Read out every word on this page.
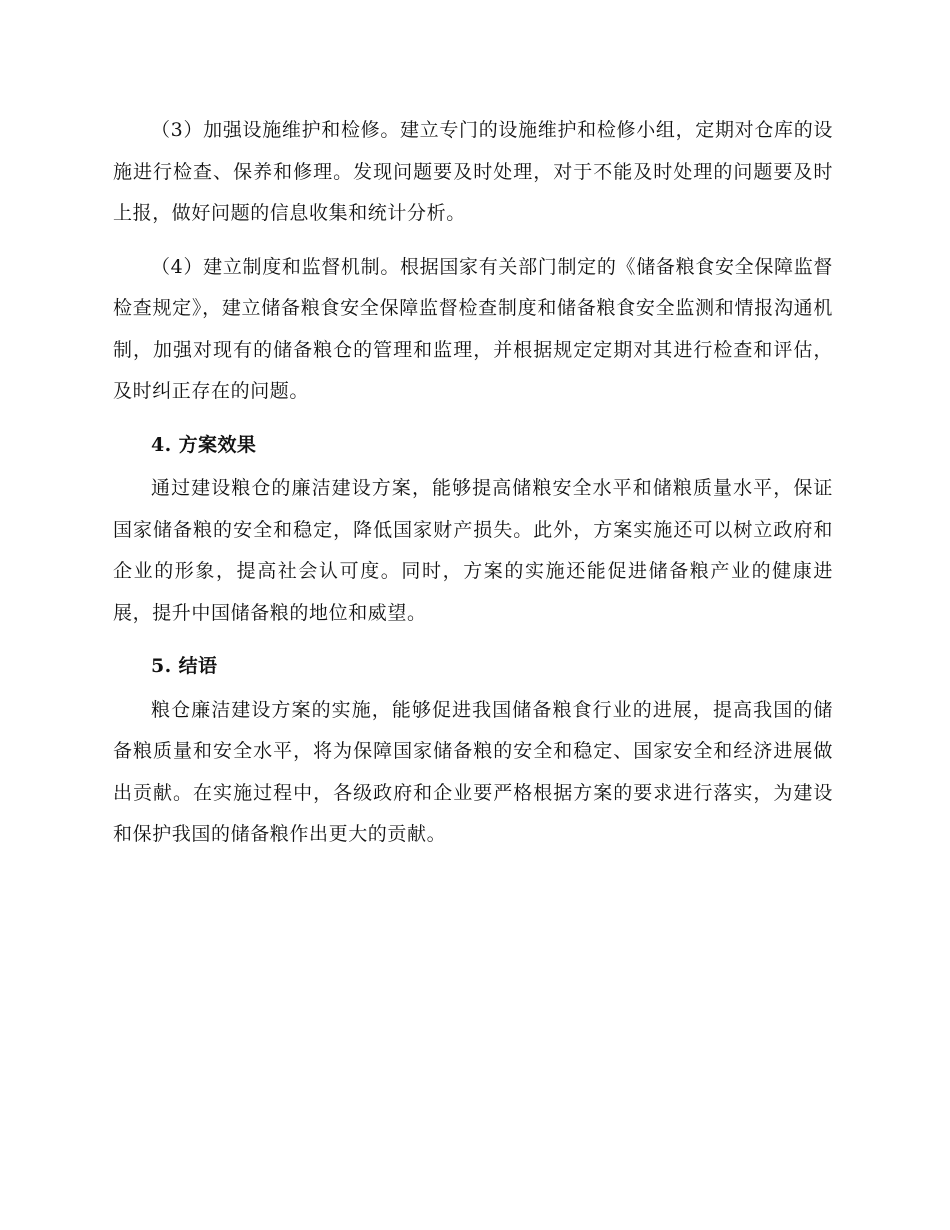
（3）加强设施维护和检修。建立专门的设施维护和检修小组，定期对仓库的设施进行检查、保养和修理。发现问题要及时处理，对于不能及时处理的问题要及时上报，做好问题的信息收集和统计分析。

（4）建立制度和监督机制。根据国家有关部门制定的《储备粮食安全保障监督检查规定》，建立储备粮食安全保障监督检查制度和储备粮食安全监测和情报沟通机制，加强对现有的储备粮仓的管理和监理，并根据规定定期对其进行检查和评估，及时纠正存在的问题。

4. 方案效果

通过建设粮仓的廉洁建设方案，能够提高储粮安全水平和储粮质量水平，保证国家储备粮的安全和稳定，降低国家财产损失。此外，方案实施还可以树立政府和企业的形象，提高社会认可度。同时，方案的实施还能促进储备粮产业的健康进展，提升中国储备粮的地位和威望。

5. 结语

粮仓廉洁建设方案的实施，能够促进我国储备粮食行业的进展，提高我国的储备粮质量和安全水平，将为保障国家储备粮的安全和稳定、国家安全和经济进展做出贡献。在实施过程中，各级政府和企业要严格根据方案的要求进行落实，为建设和保护我国的储备粮作出更大的贡献。
